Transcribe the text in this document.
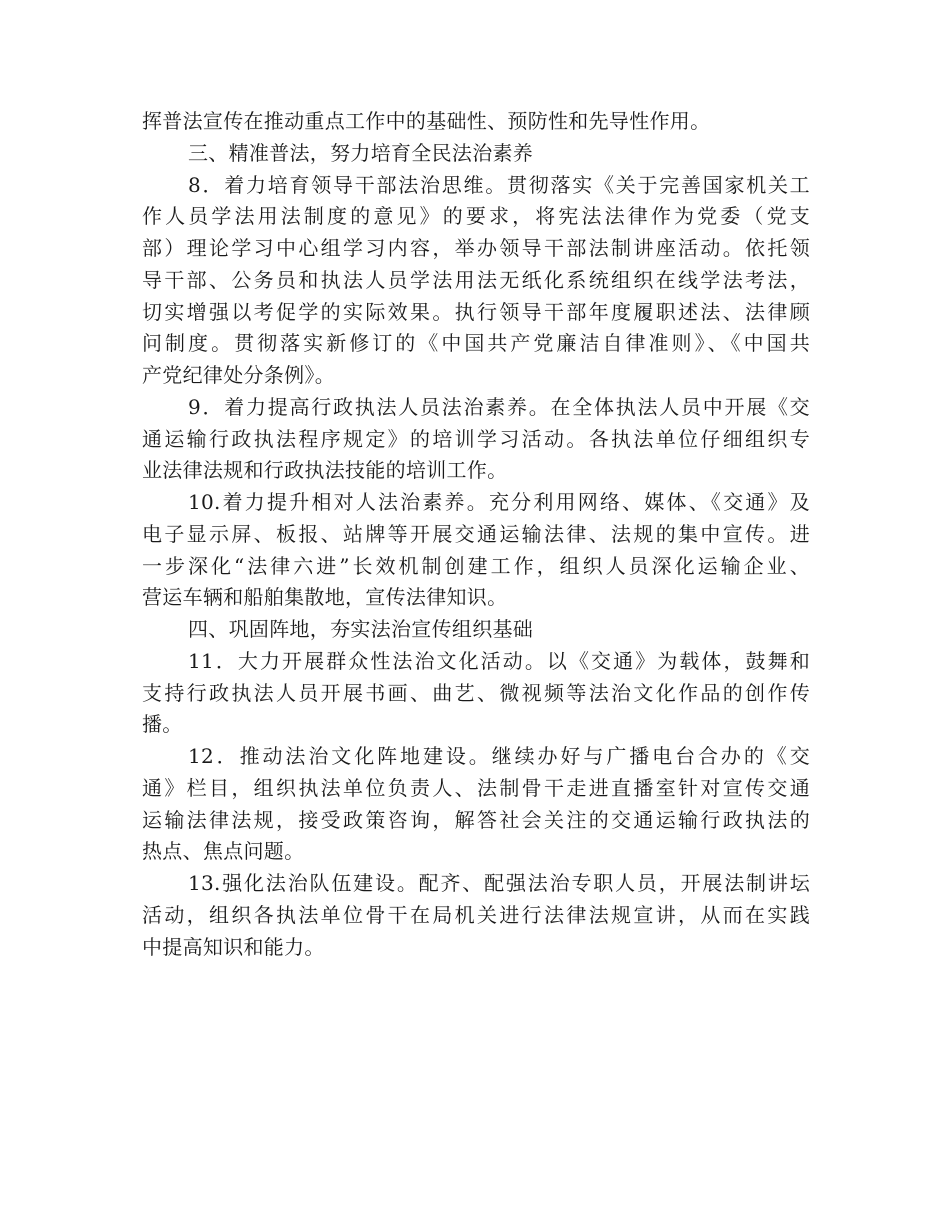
挥普法宣传在推动重点工作中的基础性、预防性和先导性作用。
三、精准普法，努力培育全民法治素养
8．着力培育领导干部法治思维。贯彻落实《关于完善国家机关工
作人员学法用法制度的意见》的要求，将宪法法律作为党委（党支
部）理论学习中心组学习内容，举办领导干部法制讲座活动。依托领
导干部、公务员和执法人员学法用法无纸化系统组织在线学法考法，
切实增强以考促学的实际效果。执行领导干部年度履职述法、法律顾
问制度。贯彻落实新修订的《中国共产党廉洁自律准则》、《中国共
产党纪律处分条例》。
9．着力提高行政执法人员法治素养。在全体执法人员中开展《交
通运输行政执法程序规定》的培训学习活动。各执法单位仔细组织专
业法律法规和行政执法技能的培训工作。
10.着力提升相对人法治素养。充分利用网络、媒体、《交通》及
电子显示屏、板报、站牌等开展交通运输法律、法规的集中宣传。进
一步深化“法律六进”长效机制创建工作，组织人员深化运输企业、
营运车辆和船舶集散地，宣传法律知识。
四、巩固阵地，夯实法治宣传组织基础
11．大力开展群众性法治文化活动。以《交通》为载体，鼓舞和
支持行政执法人员开展书画、曲艺、微视频等法治文化作品的创作传
播。
12．推动法治文化阵地建设。继续办好与广播电台合办的《交
通》栏目，组织执法单位负责人、法制骨干走进直播室针对宣传交通
运输法律法规，接受政策咨询，解答社会关注的交通运输行政执法的
热点、焦点问题。
13.强化法治队伍建设。配齐、配强法治专职人员，开展法制讲坛
活动，组织各执法单位骨干在局机关进行法律法规宣讲，从而在实践
中提高知识和能力。
